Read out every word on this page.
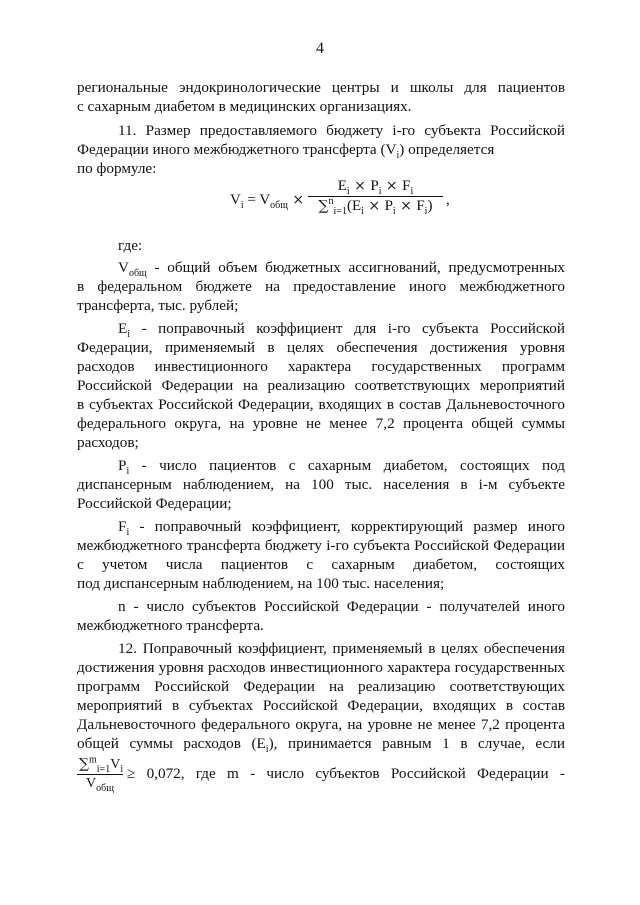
4
региональные эндокринологические центры и школы для пациентов
с сахарным диабетом в медицинских организациях.
11. Размер предоставляемого бюджету i-го субъекта Российской
Федерации иного межбюджетного трансферта $(V_i)$ определяется
по формуле:
$V_i = V_{общ} \times \frac{E_i \times P_i \times F_i}{\sum^n_{i=1}(E_i \times P_i \times F_i)}$ ,
где:
$V_{общ}$ - общий объем бюджетных ассигнований, предусмотренных
в федеральном бюджете на предоставление иного межбюджетного
трансферта, тыс. рублей;
$E_i$ - поправочный коэффициент для i-го субъекта Российской
Федерации, применяемый в целях обеспечения достижения уровня
расходов инвестиционного характера государственных программ
Российской Федерации на реализацию соответствующих мероприятий
в субъектах Российской Федерации, входящих в состав Дальневосточного
федерального округа, на уровне не менее 7,2 процента общей суммы
расходов;
$P_i$ - число пациентов с сахарным диабетом, состоящих под
диспансерным наблюдением, на 100 тыс. населения в i-м субъекте
Российской Федерации;
$F_i$ - поправочный коэффициент, корректирующий размер иного
межбюджетного трансферта бюджету i-го субъекта Российской Федерации
с учетом числа пациентов с сахарным диабетом, состоящих
под диспансерным наблюдением, на 100 тыс. населения;
n - число субъектов Российской Федерации - получателей иного
межбюджетного трансферта.
12. Поправочный коэффициент, применяемый в целях обеспечения
достижения уровня расходов инвестиционного характера государственных
программ Российской Федерации на реализацию соответствующих
мероприятий в субъектах Российской Федерации, входящих в состав
Дальневосточного федерального округа, на уровне не менее 7,2 процента
общей суммы расходов $(E_i)$, принимается равным 1 в случае, если
$\sum^m_{i=1}V_i$
$V_{общ}$
≥ 0,072, где m - число субъектов Российской Федерации -
